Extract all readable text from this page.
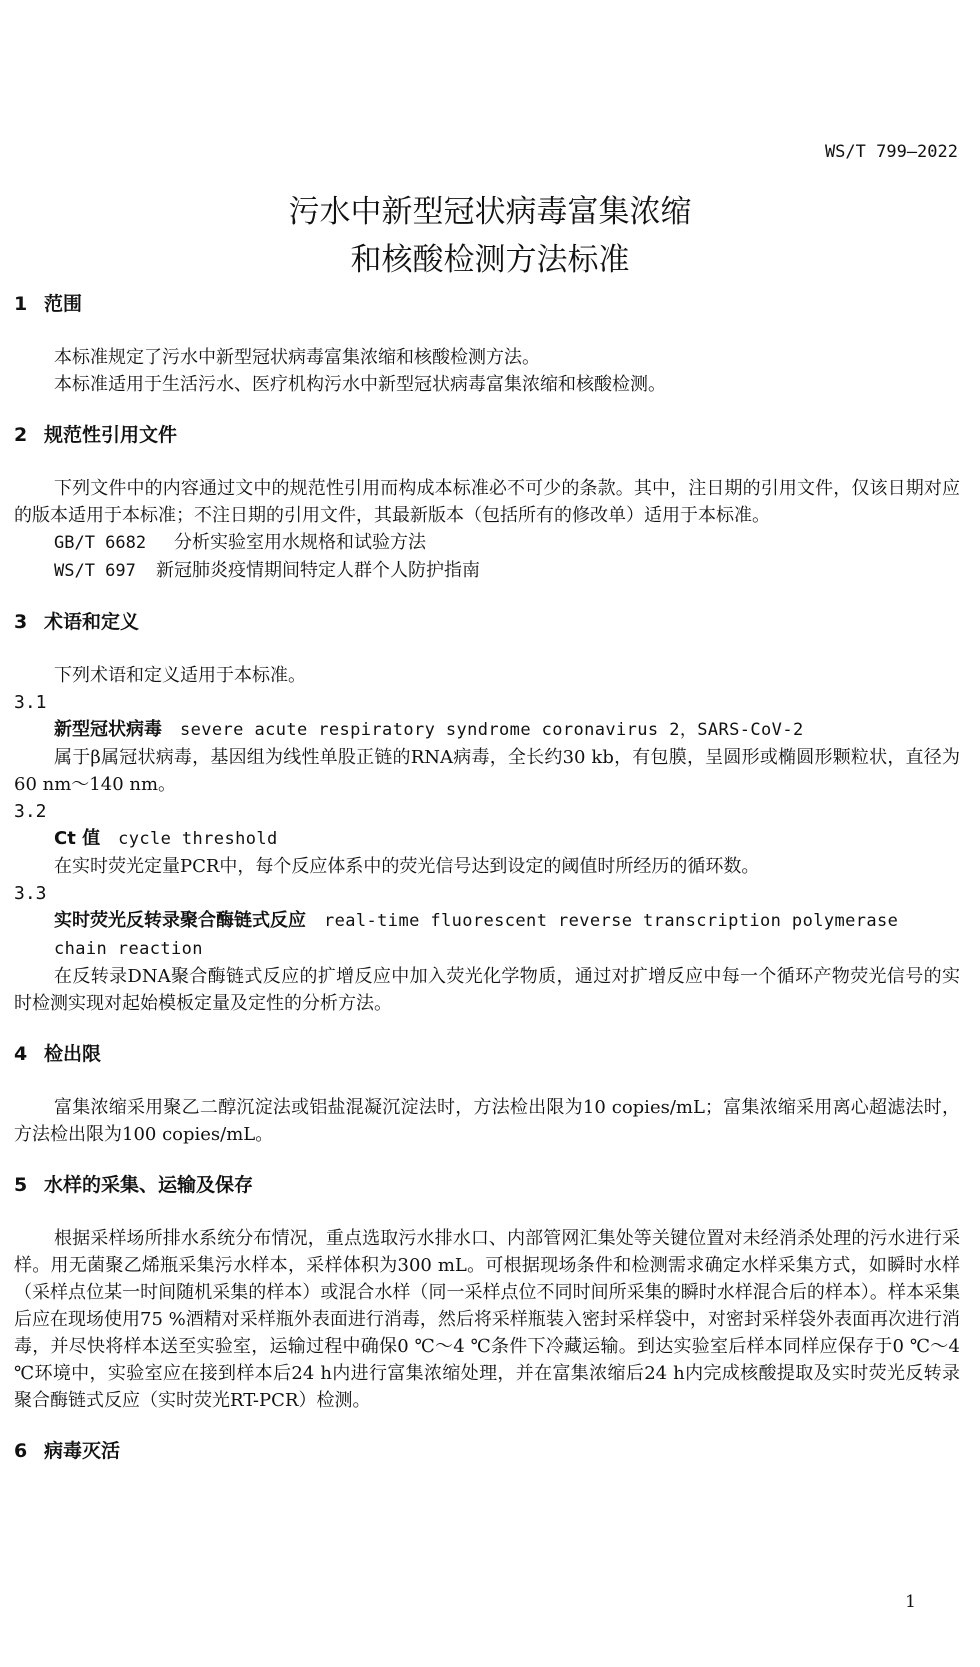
WS/T 799—2022
污水中新型冠状病毒富集浓缩
和核酸检测方法标准
1 范围
本标准规定了污水中新型冠状病毒富集浓缩和核酸检测方法。
本标准适用于生活污水、医疗机构污水中新型冠状病毒富集浓缩和核酸检测。
2 规范性引用文件
下列文件中的内容通过文中的规范性引用而构成本标准必不可少的条款。其中，注日期的引用文件，仅该日期对应的版本适用于本标准；不注日期的引用文件，其最新版本（包括所有的修改单）适用于本标准。
GB/T 6682 分析实验室用水规格和试验方法
WS/T 697 新冠肺炎疫情期间特定人群个人防护指南
3 术语和定义
下列术语和定义适用于本标准。
3.1
新型冠状病毒 severe acute respiratory syndrome coronavirus 2，SARS-CoV-2
属于β属冠状病毒，基因组为线性单股正链的RNA病毒，全长约30 kb，有包膜，呈圆形或椭圆形颗粒状，直径为60 nm～140 nm。
3.2
Ct 值 cycle threshold
在实时荧光定量PCR中，每个反应体系中的荧光信号达到设定的阈值时所经历的循环数。
3.3
实时荧光反转录聚合酶链式反应 real-time fluorescent reverse transcription polymerase chain reaction
在反转录DNA聚合酶链式反应的扩增反应中加入荧光化学物质，通过对扩增反应中每一个循环产物荧光信号的实时检测实现对起始模板定量及定性的分析方法。
4 检出限
富集浓缩采用聚乙二醇沉淀法或铝盐混凝沉淀法时，方法检出限为10 copies/mL；富集浓缩采用离心超滤法时，方法检出限为100 copies/mL。
5 水样的采集、运输及保存
根据采样场所排水系统分布情况，重点选取污水排水口、内部管网汇集处等关键位置对未经消杀处理的污水进行采样。用无菌聚乙烯瓶采集污水样本，采样体积为300 mL。可根据现场条件和检测需求确定水样采集方式，如瞬时水样（采样点位某一时间随机采集的样本）或混合水样（同一采样点位不同时间所采集的瞬时水样混合后的样本）。样本采集后应在现场使用75 %酒精对采样瓶外表面进行消毒，然后将采样瓶装入密封采样袋中，对密封采样袋外表面再次进行消毒，并尽快将样本送至实验室，运输过程中确保0 ℃～4 ℃条件下冷藏运输。到达实验室后样本同样应保存于0 ℃～4 ℃环境中，实验室应在接到样本后24 h内进行富集浓缩处理，并在富集浓缩后24 h内完成核酸提取及实时荧光反转录聚合酶链式反应（实时荧光RT-PCR）检测。
6 病毒灭活
1
